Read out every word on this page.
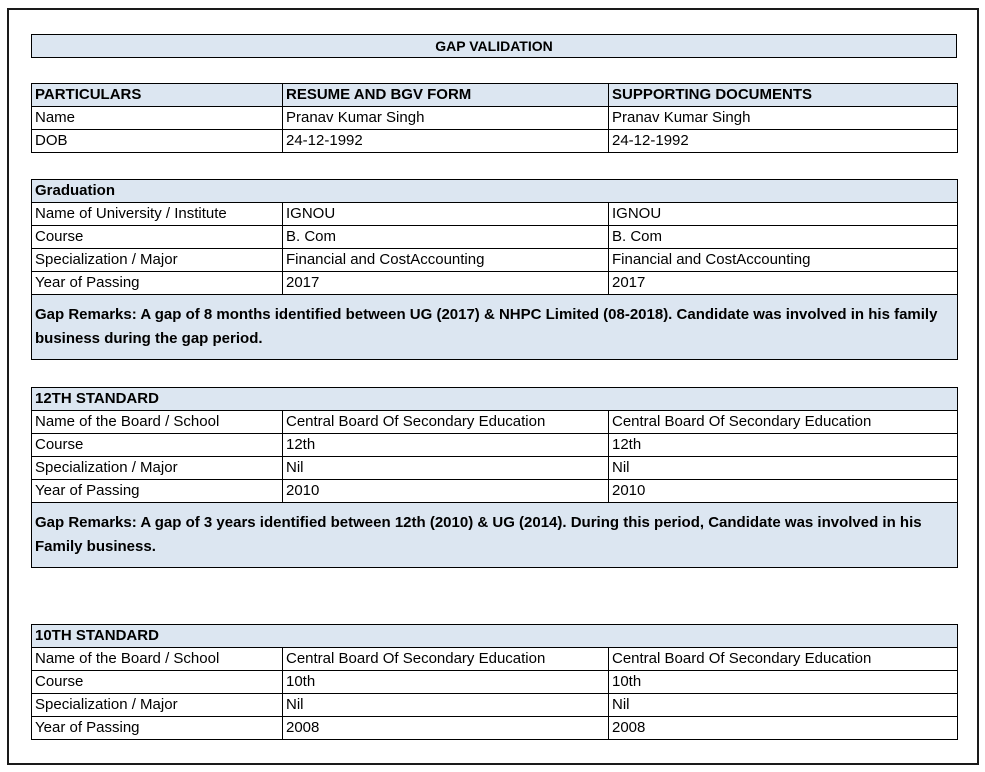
GAP VALIDATION
PARTICULARS	RESUME AND BGV FORM	SUPPORTING DOCUMENTS
Name	Pranav Kumar Singh	Pranav Kumar Singh
DOB	24-12-1992	24-12-1992
Graduation		
Name of University / Institute	IGNOU	IGNOU
Course	B. Com	B. Com
Specialization / Major	Financial and CostAccounting	Financial and CostAccounting
Year of Passing	2017	2017
Gap Remarks: A gap of 8 months identified between UG (2017) & NHPC Limited (08-2018). Candidate was involved in his family business during the gap period.		
12TH STANDARD		
Name of the Board / School	Central Board Of Secondary Education	Central Board Of Secondary Education
Course	12th	12th
Specialization / Major	Nil	Nil
Year of Passing	2010	2010
Gap Remarks: A gap of 3 years identified between 12th (2010) & UG (2014). During this period, Candidate was involved in his Family business.		
10TH STANDARD		
Name of the Board / School	Central Board Of Secondary Education	Central Board Of Secondary Education
Course	10th	10th
Specialization / Major	Nil	Nil
Year of Passing	2008	2008
